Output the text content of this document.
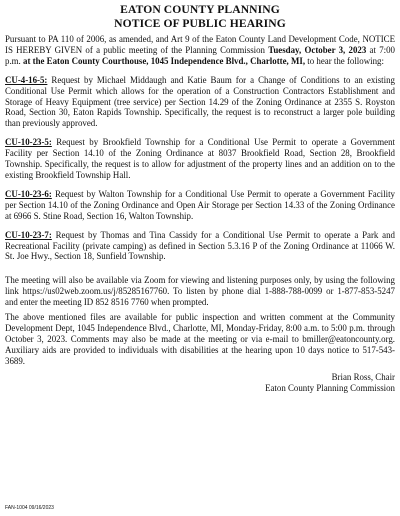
EATON COUNTY PLANNING
NOTICE OF PUBLIC HEARING

Pursuant to PA 110 of 2006, as amended, and Art 9 of the Eaton County Land Development Code, NOTICE IS HEREBY GIVEN of a public meeting of the Planning Commission Tuesday, October 3, 2023 at 7:00 p.m. at the Eaton County Courthouse, 1045 Independence Blvd., Charlotte, MI, to hear the following:

CU-4-16-5: Request by Michael Middaugh and Katie Baum for a Change of Conditions to an existing Conditional Use Permit which allows for the operation of a Construction Contractors Establishment and Storage of Heavy Equipment (tree service) per Section 14.29 of the Zoning Ordinance at 2355 S. Royston Road, Section 30, Eaton Rapids Township. Specifically, the request is to reconstruct a larger pole building than previously approved.

CU-10-23-5: Request by Brookfield Township for a Conditional Use Permit to operate a Government Facility per Section 14.10 of the Zoning Ordinance at 8037 Brookfield Road, Section 28, Brookfield Township. Specifically, the request is to allow for adjustment of the property lines and an addition on to the existing Brookfield Township Hall.

CU-10-23-6: Request by Walton Township for a Conditional Use Permit to operate a Government Facility per Section 14.10 of the Zoning Ordinance and Open Air Storage per Section 14.33 of the Zoning Ordinance at 6966 S. Stine Road, Section 16, Walton Township.

CU-10-23-7: Request by Thomas and Tina Cassidy for a Conditional Use Permit to operate a Park and Recreational Facility (private camping) as defined in Section 5.3.16 P of the Zoning Ordinance at 11066 W. St. Joe Hwy., Section 18, Sunfield Township.

The meeting will also be available via Zoom for viewing and listening purposes only, by using the following link https://us02web.zoom.us/j/85285167760. To listen by phone dial 1-888-788-0099 or 1-877-853-5247 and enter the meeting ID 852 8516 7760 when prompted.

The above mentioned files are available for public inspection and written comment at the Community Development Dept, 1045 Independence Blvd., Charlotte, MI, Monday-Friday, 8:00 a.m. to 5:00 p.m. through October 3, 2023. Comments may also be made at the meeting or via e-mail to bmiller@eatoncounty.org. Auxiliary aids are provided to individuals with disabilities at the hearing upon 10 days notice to 517-543-3689.

Brian Ross, Chair
Eaton County Planning Commission
FAN-1004 09/16/2023
